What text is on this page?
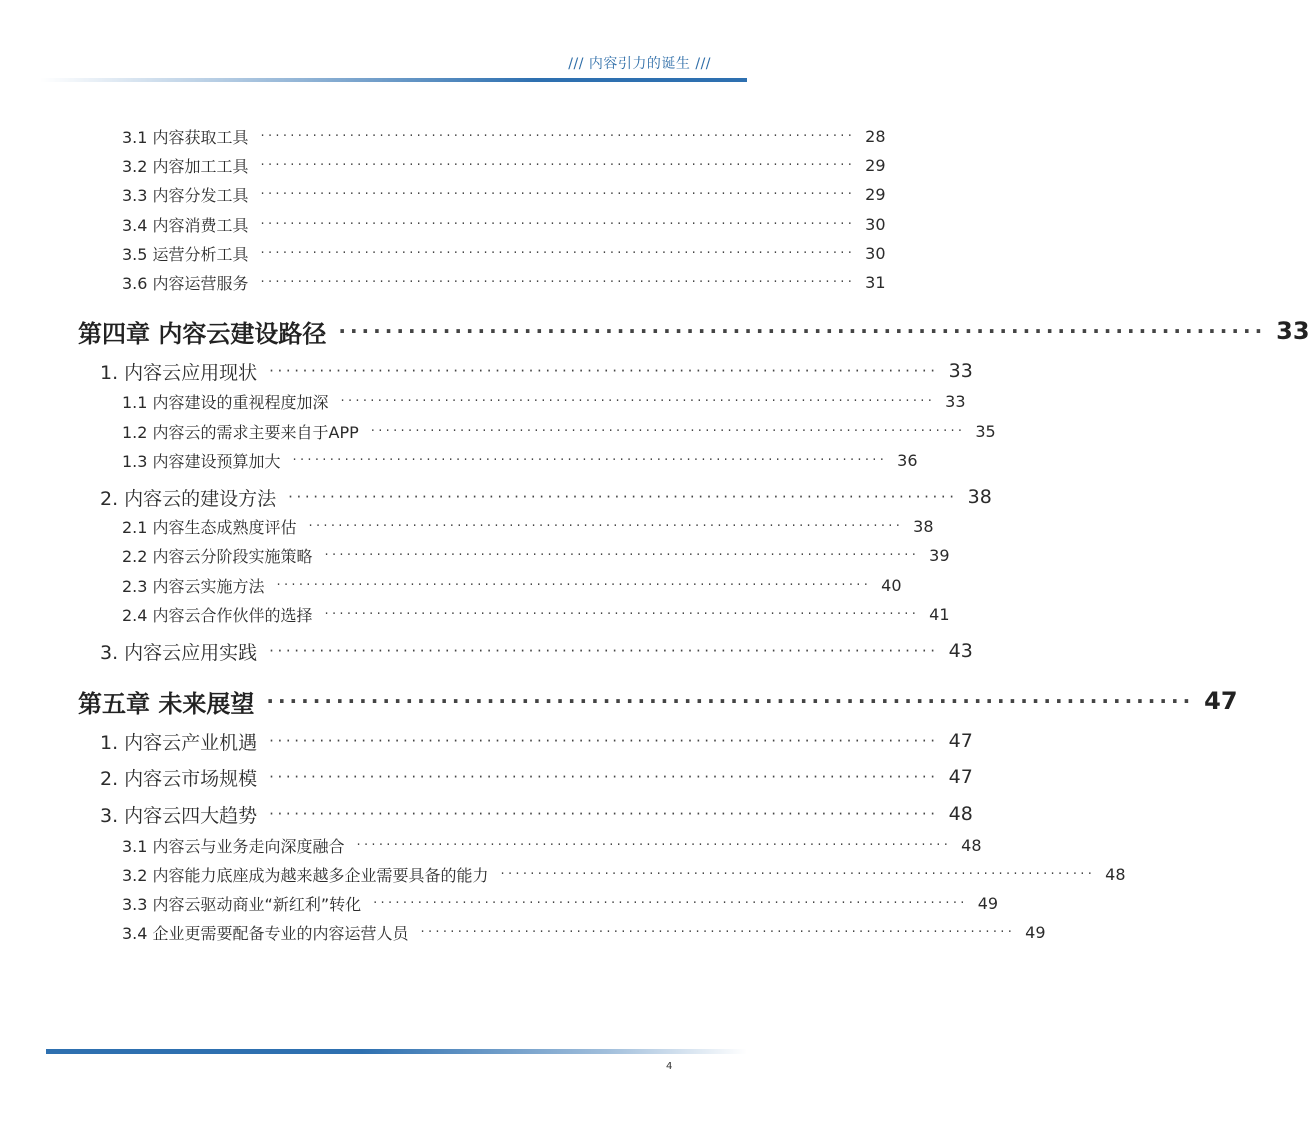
/// 内容引力的诞生 ///
3.1 内容获取工具 ················································································ 28
3.2 内容加工工具 ················································································ 29
3.3 内容分发工具 ················································································ 29
3.4 内容消费工具 ················································································ 30
3.5 运营分析工具 ················································································ 30
3.6 内容运营服务 ················································································ 31
第四章 内容云建设路径 ················································································ 33
1. 内容云应用现状 ················································································ 33
1.1 内容建设的重视程度加深 ················································································ 33
1.2 内容云的需求主要来自于APP ················································································ 35
1.3 内容建设预算加大 ················································································ 36
2. 内容云的建设方法 ················································································ 38
2.1 内容生态成熟度评估 ················································································ 38
2.2 内容云分阶段实施策略 ················································································ 39
2.3 内容云实施方法 ················································································ 40
2.4 内容云合作伙伴的选择 ················································································ 41
3. 内容云应用实践 ················································································ 43
第五章 未来展望 ················································································ 47
1. 内容云产业机遇 ················································································ 47
2. 内容云市场规模 ················································································ 47
3. 内容云四大趋势 ················································································ 48
3.1 内容云与业务走向深度融合 ················································································ 48
3.2 内容能力底座成为越来越多企业需要具备的能力 ················································································ 48
3.3 内容云驱动商业“新红利”转化 ················································································ 49
3.4 企业更需要配备专业的内容运营人员 ················································································ 49
4
